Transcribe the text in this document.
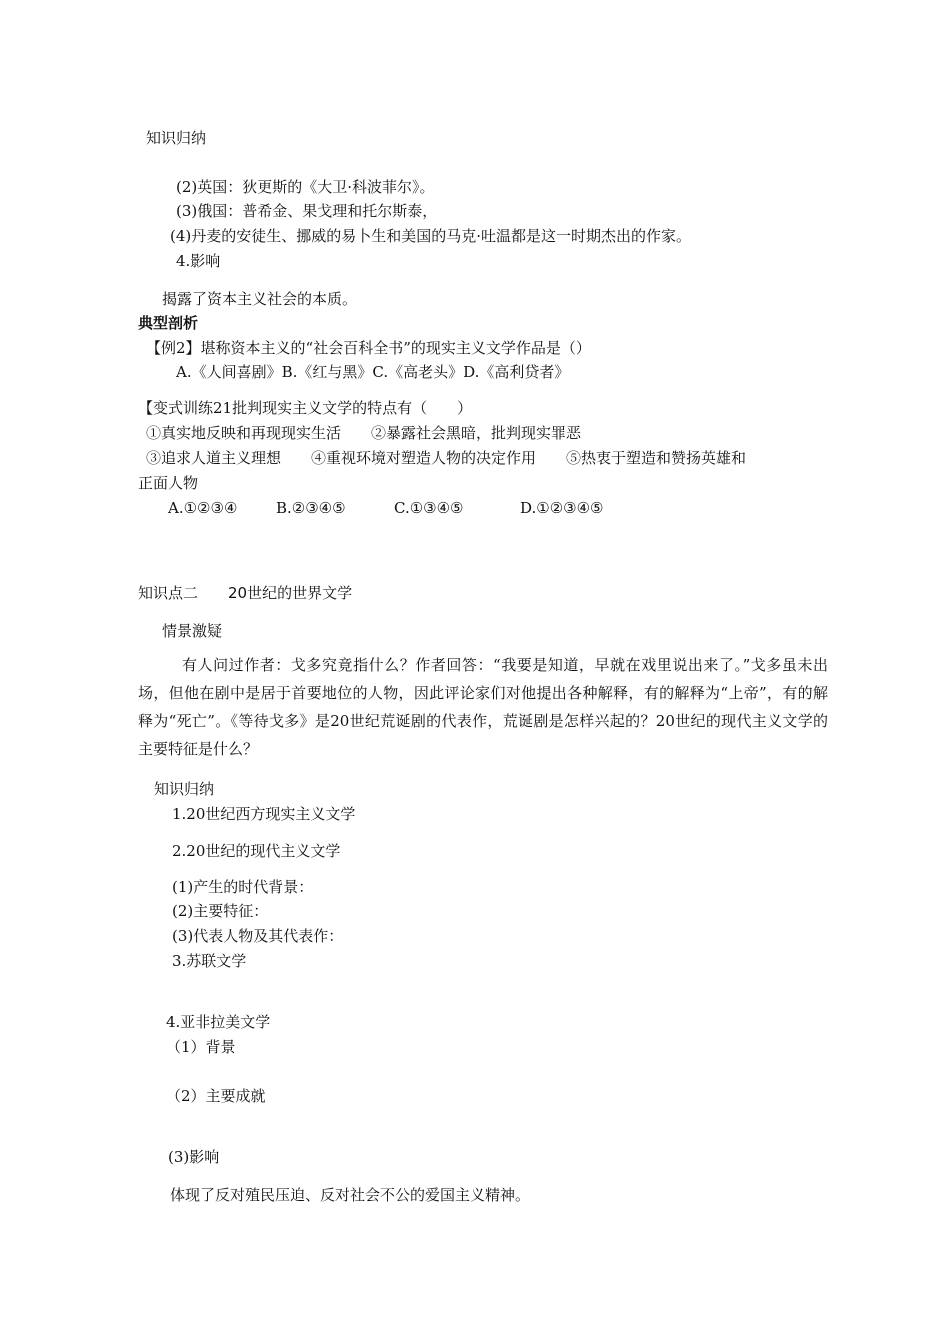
知识归纳
(2)英国：狄更斯的《大卫·科波菲尔》。
(3)俄国：普希金、果戈理和托尔斯泰，
(4)丹麦的安徒生、挪威的易卜生和美国的马克·吐温都是这一时期杰出的作家。
4.影响
揭露了资本主义社会的本质。
典型剖析
【例2】堪称资本主义的“社会百科全书”的现实主义文学作品是（）
A.《人间喜剧》B.《红与黑》C.《高老头》D.《高利贷者》
【变式训练21批判现实主义文学的特点有（　　）
①真实地反映和再现现实生活　　②暴露社会黑暗，批判现实罪恶
③追求人道主义理想　　④重视环境对塑造人物的决定作用　　⑤热衷于塑造和赞扬英雄和
正面人物
A.①②③④	B.②③④⑤	C.①③④⑤	D.①②③④⑤
知识点二　　20世纪的世界文学
情景激疑
有人问过作者：戈多究竟指什么？作者回答：“我要是知道，早就在戏里说出来了。”戈多虽未出场，但他在剧中是居于首要地位的人物，因此评论家们对他提出各种解释，有的解释为“上帝”，有的解释为“死亡”。《等待戈多》是20世纪荒诞剧的代表作，荒诞剧是怎样兴起的？20世纪的现代主义文学的主要特征是什么？
知识归纳
1.20世纪西方现实主义文学
2.20世纪的现代主义文学
(1)产生的时代背景：
(2)主要特征：
(3)代表人物及其代表作：
3.苏联文学
4.亚非拉美文学
（1）背景
（2）主要成就
(3)影响
体现了反对殖民压迫、反对社会不公的爱国主义精神。
